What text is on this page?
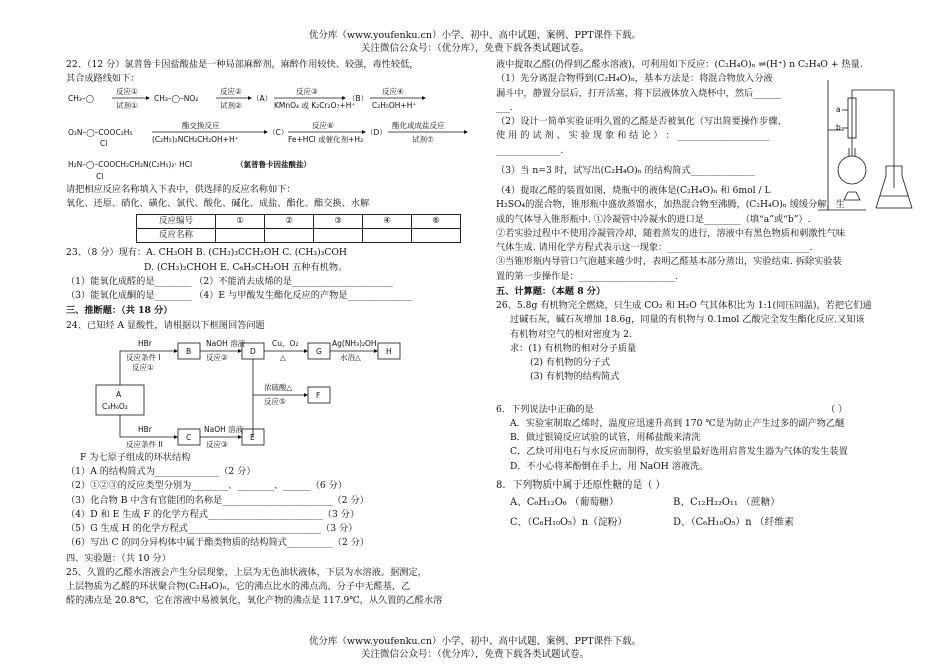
优分库（www.youfenku.cn）小学、初中、高中试题、案例、PPT课件下载。
关注微信公众号：（优分库），免费下载各类试题试卷。
22、（12 分）氯普鲁卡因盐酸盐是一种局部麻醉剂，麻醉作用较快、较强，毒性较低，
其合成路线如下：
CH₃–◯
反应①
试剂①
CH₃–◯–NO₂
反应②
试剂②
（A）
反应③
KMnO₄ 或 K₂Cr₂O₇+H⁺
（B）
反应④
C₂H₅OH+H⁺
O₂N–◯–COOC₂H₅
Cl
酯交换反应
(C₂H₅)₂NCH₂CH₂OH+H⁺
（C）
反应⑥
Fe+HCl 或催化剂+H₂
（D）
酯化或成盐反应
试剂⑦
H₂N–◯–COOCH₂CH₂N(C₂H₅)₂· HCl	（氯普鲁卡因盐酸盐）
Cl
请把相应反应名称填入下表中，供选择的反应名称如下：
氧化、还原、硝化、磺化、氯代、酸化、碱化、成盐、酯化、酯交换、水解
反应编号	①	②	③	④	⑥
反应名称					
23、（8 分）现有：A. CH₃OH B. (CH₃)₃CCH₂OH C. (CH₃)₃COH
D. (CH₃)₂CHOH E. C₆H₅CH₂OH 五种有机物。
（1）能氧化成醛的是________ （2）不能消去成烯的是______________________
（3）能氧化成酮的是________ （4）E 与甲酸发生酯化反应的产物是______________
三、推断题：（共 18 分）
24、已知烃 A 显酸性，请根据以下框图回答问题
A
C₃H₆O₂
HBr
反应条件 I
反应①
B
NaOH 溶液
反应②
D
Cu、O₂
△
G
Ag(NH₃)₂OH
水浴△
H
浓硫酸△
反应⑤
F
HBr
反应条件 II
C
NaOH 溶液
反应③
E
F 为七原子组成的环状结构
（1）A 的结构简式为______________（2 分）
（2）①②③的反应类型分别为________、________、______（6 分）
（3）化合物 B 中含有官能团的名称是________________________（2 分）
（4）D 和 E 生成 F 的化学方程式_________________________（3 分）
（5）G 生成 H 的化学方程式_____________________________（3 分）
（6）写出 C 的同分异构体中属于酯类物质的结构简式__________（2 分）
四、实验题：（共 10 分）
25、久置的乙醛水溶液会产生分层现象，上层为无色油状液体，下层为水溶液。据测定，
上层物质为乙醛的环状聚合物(C₂H₄O)ₙ，它的沸点比水的沸点高，分子中无醛基，乙
醛的沸点是 20.8℃，它在溶液中易被氧化，氧化产物的沸点是 117.9℃，从久置的乙醛水溶
液中提取乙醛(仍得到乙醛水溶液)，可利用如下反应：(C₂H₄O)ₙ ⇌(H⁺) n C₂H₄O + 热量.
（1）先分离混合物得到(C₂H₄O)ₙ，基本方法是：将混合物放入分液
漏斗中，静置分层后，打开活塞，将下层液体放入烧杯中，然后______
___.
（2）设计一简单实验证明久置的乙醛是否被氧化（写出简要操作步骤、
使 用 的 试 剂 、 实 验 现 象 和 结 论 ） ： ____________________
______________.
（3）当 n=3 时，试写出(C₂H₄O)ₙ 的结构简式______________
（4）提取乙醛的装置如图，烧瓶中的液体是(C₂H₄O)ₙ 和 6mol / L
a
b
H₂SO₄的混合物，锥形瓶中盛放蒸馏水，加热混合物至沸腾，(C₂H₄O)ₙ 缓缓分解，生
成的气体导入锥形瓶中. ①冷凝管中冷凝水的进口是________（填“a”或“b”）.
②若实验过程中不使用冷凝管冷却，随着蒸发的进行，溶液中有黑色物质和刺激性气味
气体生成. 请用化学方程式表示这一现象：_______________________________.
③当锥形瓶内导管口气泡越来越少时，表明乙醛基本部分蒸出，实验结束. 拆除实验装
置的第一步操作是：_____________________.
五、计算题：（本题 8 分）
26、5.8g 有机物完全燃烧，只生成 CO₂ 和 H₂O 气其体积比为 1:1(同压同温)，若把它们通
过碱石灰，碱石灰增加 18.6g，同量的有机物与 0.1mol 乙酸完全发生酯化反应.又知该
有机物对空气的相对密度为 2.
求：(1) 有机物的相对分子质量
(2) 有机物的分子式
(3) 有机物的结构简式
6．下列说法中正确的是	（ ）
A．实验室制取乙烯时，温度应迅速升高到 170 ℃是为防止产生过多的副产物乙醚
B．做过银镜反应试验的试管，用稀盐酸来清洗
C．乙炔可用电石与水反应而制得，故实验里最好选用启普发生器为气体的发生装置
D．不小心将苯酚倒在手上，用 NaOH 溶液洗。
8．下列物质中属于还原性糖的是（ ）
A、C₆H₁₂O₆ （葡萄糖）	B、C₁₂H₂₂O₁₁ （蔗糖）
C、（C₆H₁₀O₅）n（淀粉）	D、（C₆H₁₀O₅）n （纤维素
优分库（www.youfenku.cn）小学、初中、高中试题、案例、PPT课件下载。
关注微信公众号：（优分库），免费下载各类试题试卷。
